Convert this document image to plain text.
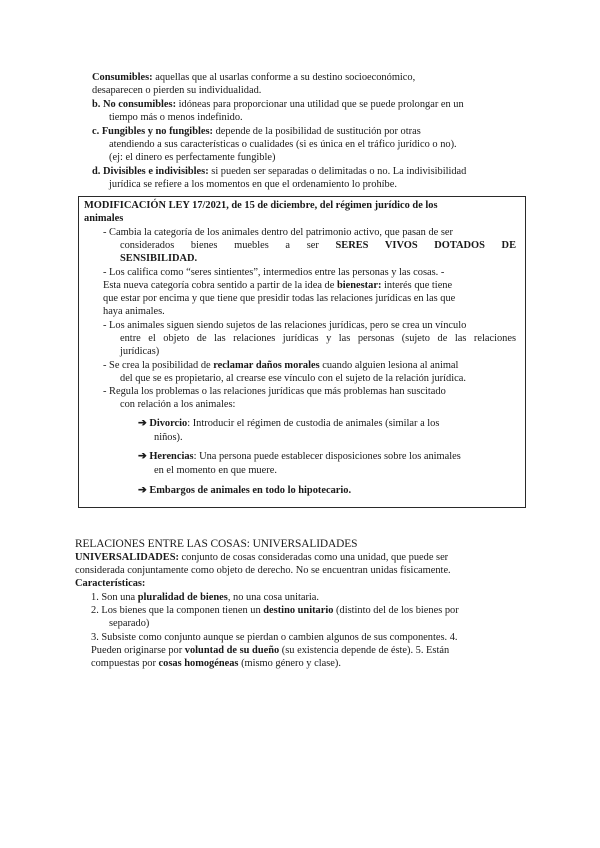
Consumibles: aquellas que al usarlas conforme a su destino socioeconómico,
desaparecen o pierden su individualidad.
b. No consumibles: idóneas para proporcionar una utilidad que se puede prolongar en un
tiempo más o menos indefinido.
c. Fungibles y no fungibles: depende de la posibilidad de sustitución por otras
atendiendo a sus características o cualidades (si es única en el tráfico jurídico o no).
(ej: el dinero es perfectamente fungible)
d. Divisibles e indivisibles: si pueden ser separadas o delimitadas o no. La indivisibilidad
jurídica se refiere a los momentos en que el ordenamiento lo prohíbe.
MODIFICACIÓN LEY 17/2021, de 15 de diciembre, del régimen jurídico de los
animales
- Cambia la categoría de los animales dentro del patrimonio activo, que pasan de ser
considerados bienes muebles a ser SERES VIVOS DOTADOS DE
SENSIBILIDAD.
- Los califica como “seres sintientes”, intermedios entre las personas y las cosas. -
Esta nueva categoría cobra sentido a partir de la idea de bienestar: interés que tiene
que estar por encima y que tiene que presidir todas las relaciones jurídicas en las que
haya animales.
- Los animales siguen siendo sujetos de las relaciones jurídicas, pero se crea un vínculo
entre el objeto de las relaciones jurídicas y las personas (sujeto de las relaciones
jurídicas)
- Se crea la posibilidad de reclamar daños morales cuando alguien lesiona al animal
del que se es propietario, al crearse ese vínculo con el sujeto de la relación jurídica.
- Regula los problemas o las relaciones jurídicas que más problemas han suscitado
con relación a los animales:
➔ Divorcio: Introducir el régimen de custodia de animales (similar a los
niños).
➔ Herencias: Una persona puede establecer disposiciones sobre los animales
en el momento en que muere.
➔ Embargos de animales en todo lo hipotecario.
RELACIONES ENTRE LAS COSAS: UNIVERSALIDADES
UNIVERSALIDADES: conjunto de cosas consideradas como una unidad, que puede ser
considerada conjuntamente como objeto de derecho. No se encuentran unidas físicamente.
Características:
1. Son una pluralidad de bienes, no una cosa unitaria.
2. Los bienes que la componen tienen un destino unitario (distinto del de los bienes por
separado)
3. Subsiste como conjunto aunque se pierdan o cambien algunos de sus componentes. 4.
Pueden originarse por voluntad de su dueño (su existencia depende de éste). 5. Están
compuestas por cosas homogéneas (mismo género y clase).
